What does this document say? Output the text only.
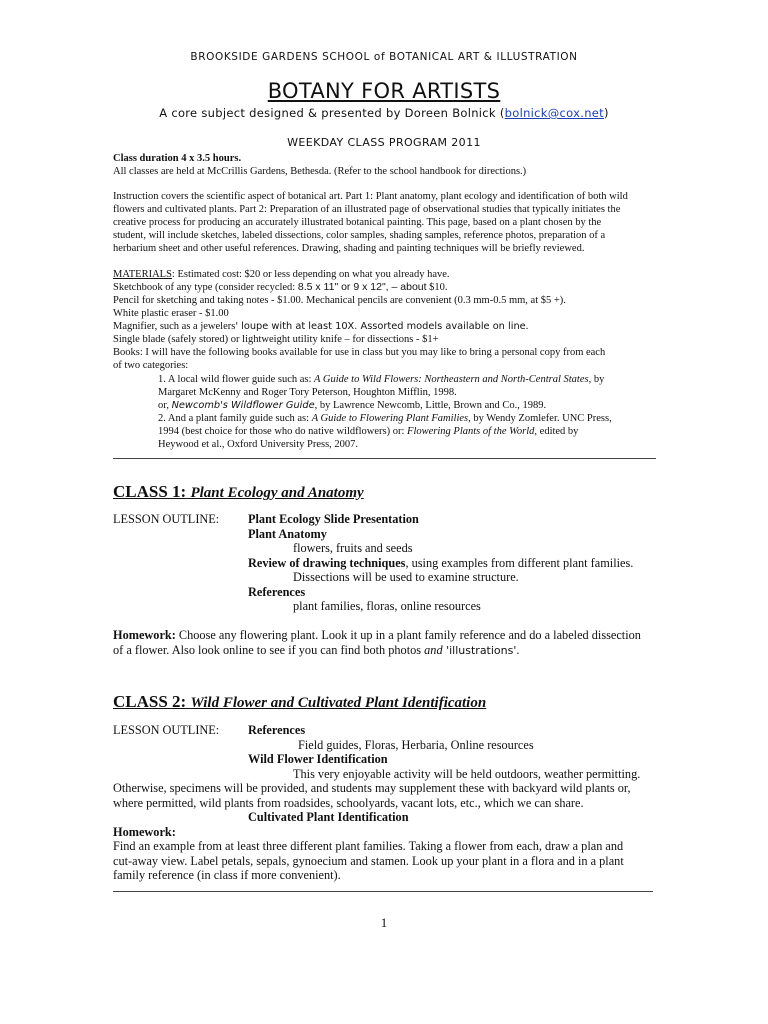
BROOKSIDE GARDENS SCHOOL of BOTANICAL ART & ILLUSTRATION
BOTANY FOR ARTISTS
A core subject designed & presented by Doreen Bolnick (bolnick@cox.net)
WEEKDAY CLASS PROGRAM 2011
Class duration 4 x 3.5 hours.
All classes are held at McCrillis Gardens, Bethesda. (Refer to the school handbook for directions.)
Instruction covers the scientific aspect of botanical art. Part 1: Plant anatomy, plant ecology and identification of both wild
flowers and cultivated plants. Part 2: Preparation of an illustrated page of observational studies that typically initiates the
creative process for producing an accurately illustrated botanical painting. This page, based on a plant chosen by the
student, will include sketches, labeled dissections, color samples, shading samples, reference photos, preparation of a
herbarium sheet and other useful references. Drawing, shading and painting techniques will be briefly reviewed.
MATERIALS: Estimated cost: $20 or less depending on what you already have.
Sketchbook of any type (consider recycled: 8.5 x 11" or 9 x 12", – about $10.
Pencil for sketching and taking notes - $1.00. Mechanical pencils are convenient (0.3 mm-0.5 mm, at $5 +).
White plastic eraser - $1.00
Magnifier, such as a jewelers' loupe with at least 10X. Assorted models available on line.
Single blade (safely stored) or lightweight utility knife – for dissections - $1+
Books: I will have the following books available for use in class but you may like to bring a personal copy from each
of two categories:
1. A local wild flower guide such as: A Guide to Wild Flowers: Northeastern and North-Central States, by
Margaret McKenny and Roger Tory Peterson, Houghton Mifflin, 1998.
or, Newcomb's Wildflower Guide, by Lawrence Newcomb, Little, Brown and Co., 1989.
2. And a plant family guide such as: A Guide to Flowering Plant Families, by Wendy Zomlefer. UNC Press,
1994 (best choice for those who do native wildflowers) or: Flowering Plants of the World, edited by
Heywood et al., Oxford University Press, 2007.
CLASS 1: Plant Ecology and Anatomy
LESSON OUTLINE: Plant Ecology Slide Presentation
Plant Anatomy
flowers, fruits and seeds
Review of drawing techniques, using examples from different plant families.
Dissections will be used to examine structure.
References
plant families, floras, online resources
Homework: Choose any flowering plant. Look it up in a plant family reference and do a labeled dissection
of a flower. Also look online to see if you can find both photos and 'illustrations'.
CLASS 2: Wild Flower and Cultivated Plant Identification
LESSON OUTLINE: References
Field guides, Floras, Herbaria, Online resources
Wild Flower Identification
This very enjoyable activity will be held outdoors, weather permitting.
Otherwise, specimens will be provided, and students may supplement these with backyard wild plants or,
where permitted, wild plants from roadsides, schoolyards, vacant lots, etc., which we can share.
Cultivated Plant Identification
Homework:
Find an example from at least three different plant families. Taking a flower from each, draw a plan and
cut-away view. Label petals, sepals, gynoecium and stamen. Look up your plant in a flora and in a plant
family reference (in class if more convenient).
1
